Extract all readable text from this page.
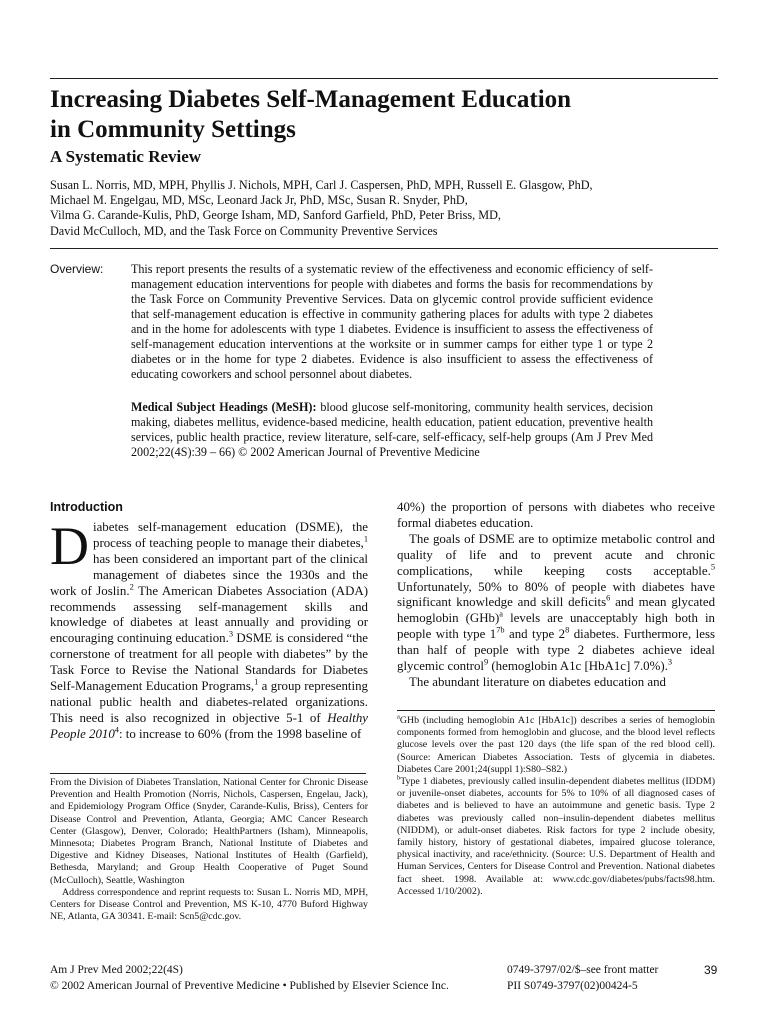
Increasing Diabetes Self-Management Education
in Community Settings
A Systematic Review
Susan L. Norris, MD, MPH, Phyllis J. Nichols, MPH, Carl J. Caspersen, PhD, MPH, Russell E. Glasgow, PhD,
Michael M. Engelgau, MD, MSc, Leonard Jack Jr, PhD, MSc, Susan R. Snyder, PhD,
Vilma G. Carande-Kulis, PhD, George Isham, MD, Sanford Garfield, PhD, Peter Briss, MD,
David McCulloch, MD, and the Task Force on Community Preventive Services
Overview: This report presents the results of a systematic review of the effectiveness and economic efficiency of self-management education interventions for people with diabetes and forms the basis for recommendations by the Task Force on Community Preventive Services. Data on glycemic control provide sufficient evidence that self-management education is effective in community gathering places for adults with type 2 diabetes and in the home for adolescents with type 1 diabetes. Evidence is insufficient to assess the effectiveness of self-management education interventions at the worksite or in summer camps for either type 1 or type 2 diabetes or in the home for type 2 diabetes. Evidence is also insufficient to assess the effectiveness of educating coworkers and school personnel about diabetes.
Medical Subject Headings (MeSH): blood glucose self-monitoring, community health services, decision making, diabetes mellitus, evidence-based medicine, health education, patient education, preventive health services, public health practice, review literature, self-care, self-efficacy, self-help groups (Am J Prev Med 2002;22(4S):39 – 66) © 2002 American Journal of Preventive Medicine
Introduction

Diabetes self-management education (DSME), the process of teaching people to manage their diabetes,$^1$ has been considered an important part of the clinical management of diabetes since the 1930s and the work of Joslin.$^2$ The American Diabetes Association (ADA) recommends assessing self-management skills and knowledge of diabetes at least annually and providing or encouraging continuing education.$^3$ DSME is considered “the cornerstone of treatment for all people with diabetes” by the Task Force to Revise the National Standards for Diabetes Self-Management Education Programs,$^1$ a group representing national public health and diabetes-related organizations. This need is also recognized in objective 5-1 of Healthy People 2010$^4$: to increase to 60% (from the 1998 baseline of

40%) the proportion of persons with diabetes who receive formal diabetes education.

The goals of DSME are to optimize metabolic control and quality of life and to prevent acute and chronic complications, while keeping costs acceptable.$^5$ Unfortunately, 50% to 80% of people with diabetes have significant knowledge and skill deficits$^6$ and mean glycated hemoglobin (GHb)$^a$ levels are unacceptably high both in people with type $1^{7b}$ and type $2^8$ diabetes. Furthermore, less than half of people with type 2 diabetes achieve ideal glycemic control$^9$ (hemoglobin A1c [HbA1c] 7.0%).$^3$

The abundant literature on diabetes education and

From the Division of Diabetes Translation, National Center for Chronic Disease Prevention and Health Promotion (Norris, Nichols, Caspersen, Engelau, Jack), and Epidemiology Program Office (Snyder, Carande-Kulis, Briss), Centers for Disease Control and Prevention, Atlanta, Georgia; AMC Cancer Research Center (Glasgow), Denver, Colorado; HealthPartners (Isham), Minneapolis, Minnesota; Diabetes Program Branch, National Institute of Diabetes and Digestive and Kidney Diseases, National Institutes of Health (Garfield), Bethesda, Maryland; and Group Health Cooperative of Puget Sound (McCulloch), Seattle, Washington

Address correspondence and reprint requests to: Susan L. Norris MD, MPH, Centers for Disease Control and Prevention, MS K-10, 4770 Buford Highway NE, Atlanta, GA 30341. E-mail: Scn5@cdc.gov.

$^a$GHb (including hemoglobin A1c [HbA1c]) describes a series of hemoglobin components formed from hemoglobin and glucose, and the blood level reflects glucose levels over the past 120 days (the life span of the red blood cell). (Source: American Diabetes Association. Tests of glycemia in diabetes. Diabetes Care 2001;24(suppl 1):S80–S82.)

$^b$Type 1 diabetes, previously called insulin-dependent diabetes mellitus (IDDM) or juvenile-onset diabetes, accounts for 5% to 10% of all diagnosed cases of diabetes and is believed to have an autoimmune and genetic basis. Type 2 diabetes was previously called non–insulin-dependent diabetes mellitus (NIDDM), or adult-onset diabetes. Risk factors for type 2 include obesity, family history, history of gestational diabetes, impaired glucose tolerance, physical inactivity, and race/ethnicity. (Source: U.S. Department of Health and Human Services, Centers for Disease Control and Prevention. National diabetes fact sheet. 1998. Available at: www.cdc.gov/diabetes/pubs/facts98.htm. Accessed 1/10/2002).

Am J Prev Med 2002;22(4S)
© 2002 American Journal of Preventive Medicine • Published by Elsevier Science Inc.
0749-3797/02/$–see front matter
PII S0749-3797(02)00424-5
39
